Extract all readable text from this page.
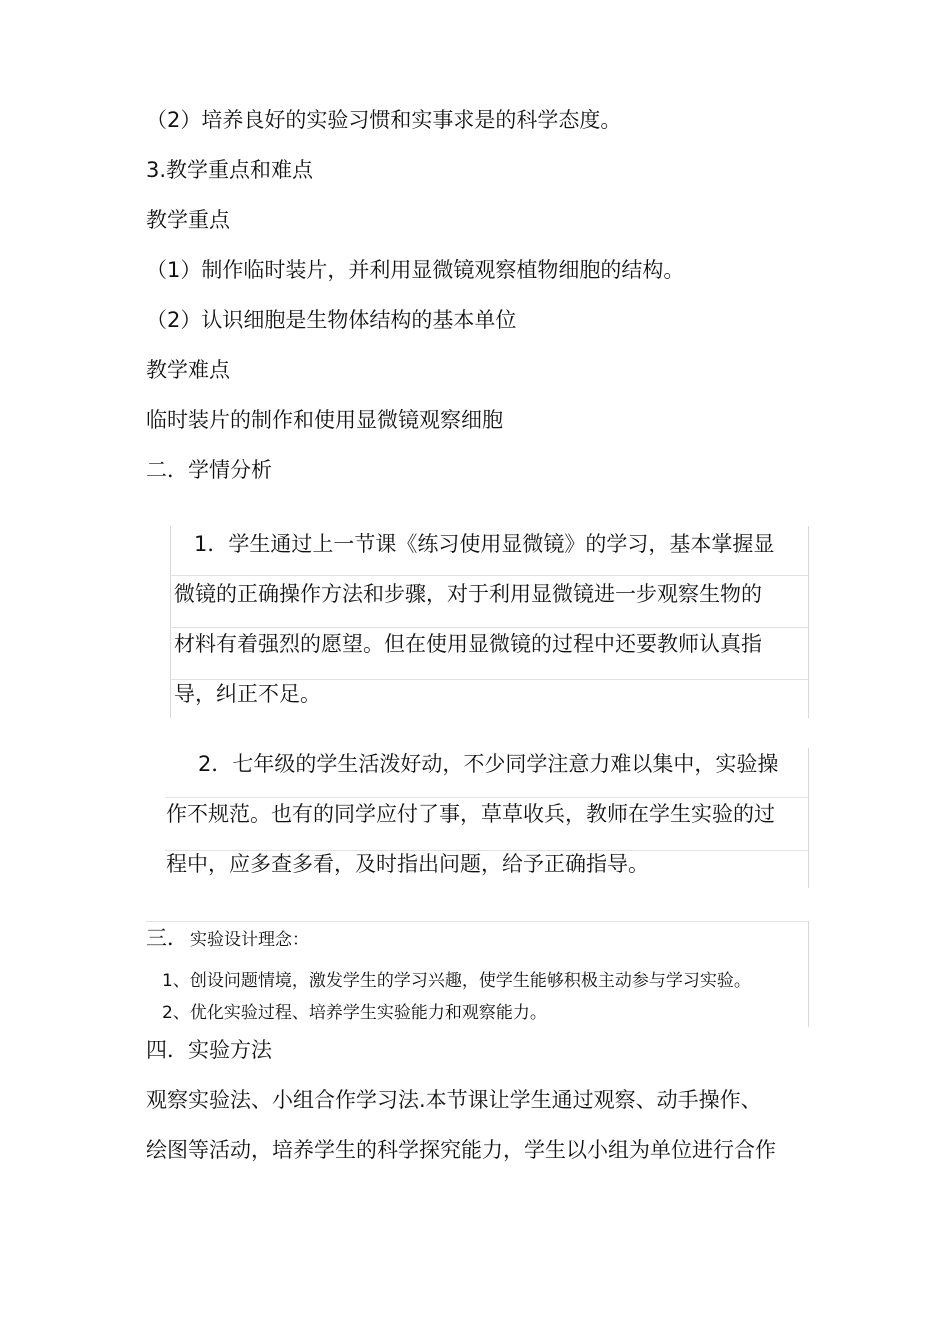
（2）培养良好的实验习惯和实事求是的科学态度。
3.教学重点和难点
教学重点
（1）制作临时装片，并利用显微镜观察植物细胞的结构。
（2）认识细胞是生物体结构的基本单位
教学难点
临时装片的制作和使用显微镜观察细胞
二．学情分析
1．学生通过上一节课《练习使用显微镜》的学习，基本掌握显
微镜的正确操作方法和步骤，对于利用显微镜进一步观察生物的
材料有着强烈的愿望。但在使用显微镜的过程中还要教师认真指
导，纠正不足。
2．七年级的学生活泼好动，不少同学注意力难以集中，实验操
作不规范。也有的同学应付了事，草草收兵，教师在学生实验的过
程中，应多查多看，及时指出问题，给予正确指导。
三． 实验设计理念：
1、创设问题情境，激发学生的学习兴趣，使学生能够积极主动参与学习实验。
2、优化实验过程、培养学生实验能力和观察能力。
四．实验方法
观察实验法、小组合作学习法.本节课让学生通过观察、动手操作、
绘图等活动，培养学生的科学探究能力，学生以小组为单位进行合作
